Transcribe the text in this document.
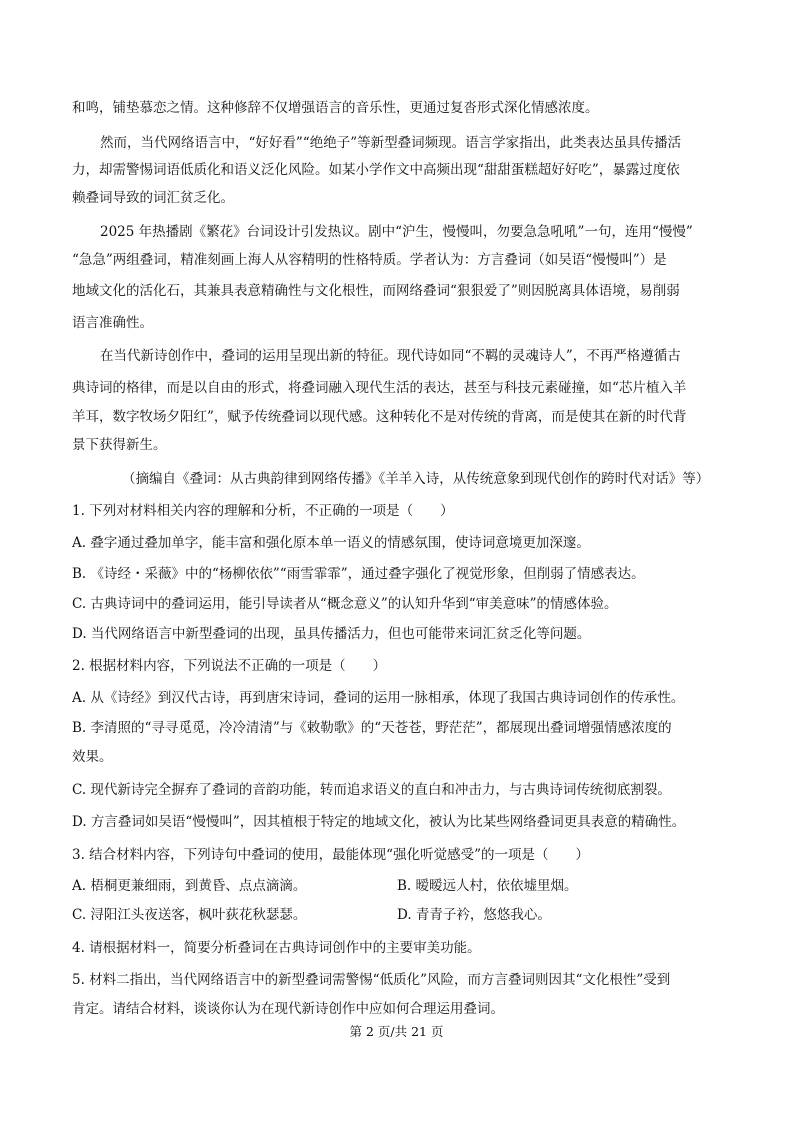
和鸣，铺垫慕恋之情。这种修辞不仅增强语言的音乐性，更通过复沓形式深化情感浓度。
然而，当代网络语言中，“好好看”“绝绝子”等新型叠词频现。语言学家指出，此类表达虽具传播活
力，却需警惕词语低质化和语义泛化风险。如某小学作文中高频出现“甜甜蛋糕超好好吃”，暴露过度依
赖叠词导致的词汇贫乏化。
2025 年热播剧《繁花》台词设计引发热议。剧中“沪生，慢慢叫，勿要急急吼吼”一句，连用“慢慢”
“急急”两组叠词，精准刻画上海人从容精明的性格特质。学者认为：方言叠词（如吴语“慢慢叫”）是
地域文化的活化石，其兼具表意精确性与文化根性，而网络叠词“狠狠爱了”则因脱离具体语境，易削弱
语言准确性。
在当代新诗创作中，叠词的运用呈现出新的特征。现代诗如同“不羁的灵魂诗人”，不再严格遵循古
典诗词的格律，而是以自由的形式，将叠词融入现代生活的表达，甚至与科技元素碰撞，如“芯片植入羊
羊耳，数字牧场夕阳红”，赋予传统叠词以现代感。这种转化不是对传统的背离，而是使其在新的时代背
景下获得新生。
（摘编自《叠词：从古典韵律到网络传播》《羊羊入诗，从传统意象到现代创作的跨时代对话》等）
1. 下列对材料相关内容的理解和分析，不正确的一项是（　　）
A. 叠字通过叠加单字，能丰富和强化原本单一语义的情感氛围，使诗词意境更加深邃。
B. 《诗经・采薇》中的“杨柳依依”“雨雪霏霏”，通过叠字强化了视觉形象，但削弱了情感表达。
C. 古典诗词中的叠词运用，能引导读者从“概念意义”的认知升华到“审美意味”的情感体验。
D. 当代网络语言中新型叠词的出现，虽具传播活力，但也可能带来词汇贫乏化等问题。
2. 根据材料内容，下列说法不正确的一项是（　　）
A. 从《诗经》到汉代古诗，再到唐宋诗词，叠词的运用一脉相承，体现了我国古典诗词创作的传承性。
B. 李清照的“寻寻觅觅，冷冷清清”与《敕勒歌》的“天苍苍，野茫茫”，都展现出叠词增强情感浓度的
效果。
C. 现代新诗完全摒弃了叠词的音韵功能，转而追求语义的直白和冲击力，与古典诗词传统彻底割裂。
D. 方言叠词如吴语“慢慢叫”，因其植根于特定的地域文化，被认为比某些网络叠词更具表意的精确性。
3. 结合材料内容，下列诗句中叠词的使用，最能体现“强化听觉感受”的一项是（　　）
A. 梧桐更兼细雨，到黄昏、点点滴滴。	B. 暧暧远人村，依依墟里烟。
C. 浔阳江头夜送客，枫叶荻花秋瑟瑟。	D. 青青子衿，悠悠我心。
4. 请根据材料一，简要分析叠词在古典诗词创作中的主要审美功能。
5. 材料二指出，当代网络语言中的新型叠词需警惕“低质化”风险，而方言叠词则因其“文化根性”受到
肯定。请结合材料，谈谈你认为在现代新诗创作中应如何合理运用叠词。
第 2 页/共 21 页
